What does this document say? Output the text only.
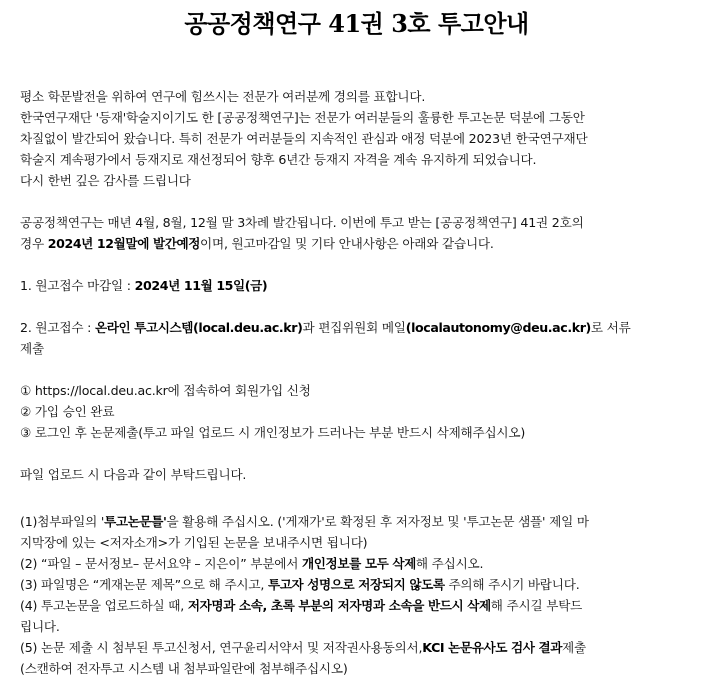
공공정책연구 41권 3호 투고안내

평소 학문발전을 위하여 연구에 힘쓰시는 전문가 여러분께 경의를 표합니다.

한국연구재단 '등재'학술지이기도 한 [공공정책연구]는 전문가 여러분들의 훌륭한 투고논문 덕분에 그동안

차질없이 발간되어 왔습니다. 특히 전문가 여러분들의 지속적인 관심과 애정 덕분에 2023년 한국연구재단

학술지 계속평가에서 등재지로 재선정되어 향후 6년간 등재지 자격을 계속 유지하게 되었습니다.

다시 한번 깊은 감사를 드립니다

공공정책연구는 매년 4월, 8월, 12월 말 3차례 발간됩니다. 이번에 투고 받는 [공공정책연구] 41권 2호의

경우 2024년 12월말에 발간예정이며, 원고마감일 및 기타 안내사항은 아래와 같습니다.

1. 원고접수 마감일 : 2024년 11월 15일(금)

2. 원고접수 : 온라인 투고시스템(local.deu.ac.kr)과 편집위원회 메일(localautonomy@deu.ac.kr)로 서류

제출

① https://local.deu.ac.kr에 접속하여 회원가입 신청

② 가입 승인 완료

③ 로그인 후 논문제출(투고 파일 업로드 시 개인정보가 드러나는 부분 반드시 삭제해주십시오)

파일 업로드 시 다음과 같이 부탁드립니다.

(1)첨부파일의 '투고논문틀'을 활용해 주십시오. ('게재가'로 확정된 후 저자정보 및 '투고논문 샘플' 제일 마

지막장에 있는 <저자소개>가 기입된 논문을 보내주시면 됩니다)

(2) “파일 – 문서정보– 문서요약 – 지은이” 부분에서 개인정보를 모두 삭제해 주십시오.

(3) 파일명은 “게재논문 제목”으로 해 주시고, 투고자 성명으로 저장되지 않도록 주의해 주시기 바랍니다.

(4) 투고논문을 업로드하실 때, 저자명과 소속, 초록 부분의 저자명과 소속을 반드시 삭제해 주시길 부탁드

립니다.

(5) 논문 제출 시 첨부된 투고신청서, 연구윤리서약서 및 저작권사용동의서,KCI 논문유사도 검사 결과제출

(스캔하여 전자투고 시스템 내 첨부파일란에 첨부해주십시오)
